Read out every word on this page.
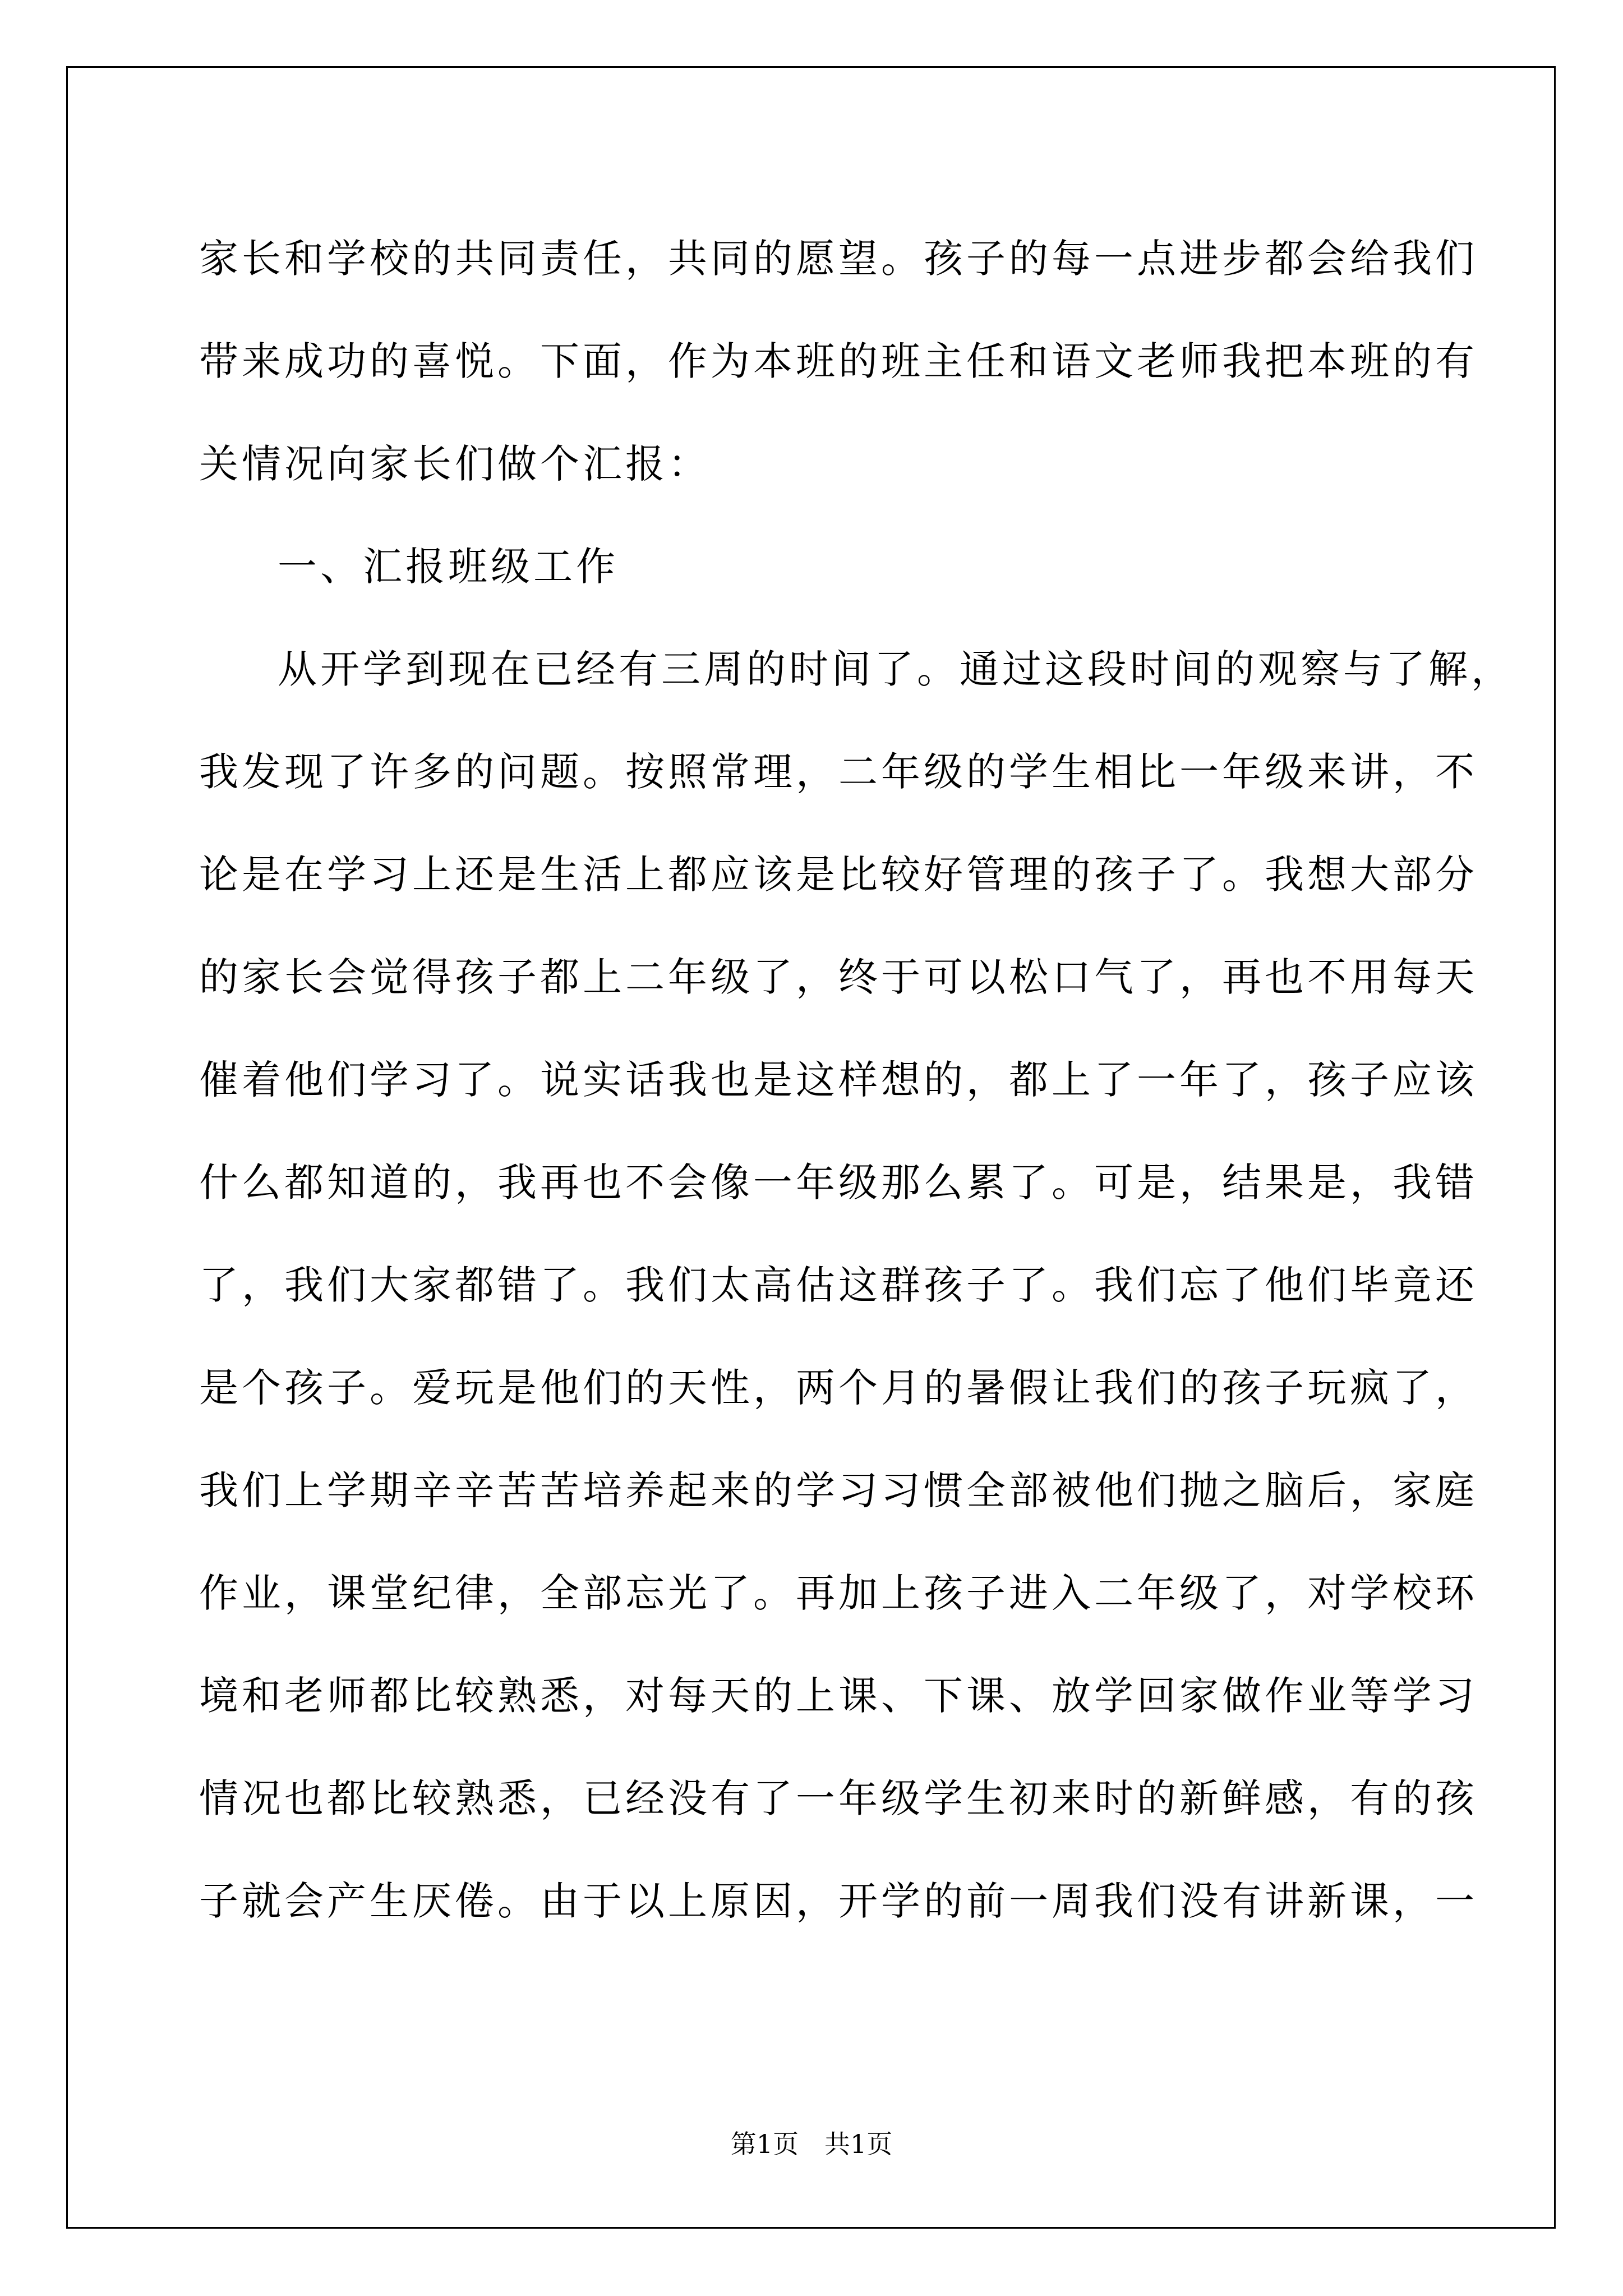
家长和学校的共同责任，共同的愿望。孩子的每一点进步都会给我们

带来成功的喜悦。下面，作为本班的班主任和语文老师我把本班的有

关情况向家长们做个汇报：

一、汇报班级工作

从开学到现在已经有三周的时间了。通过这段时间的观察与了解，

我发现了许多的问题。按照常理，二年级的学生相比一年级来讲，不

论是在学习上还是生活上都应该是比较好管理的孩子了。我想大部分

的家长会觉得孩子都上二年级了，终于可以松口气了，再也不用每天

催着他们学习了。说实话我也是这样想的，都上了一年了，孩子应该

什么都知道的，我再也不会像一年级那么累了。可是，结果是，我错

了，我们大家都错了。我们太高估这群孩子了。我们忘了他们毕竟还

是个孩子。爱玩是他们的天性，两个月的暑假让我们的孩子玩疯了，

我们上学期辛辛苦苦培养起来的学习习惯全部被他们抛之脑后，家庭

作业，课堂纪律，全部忘光了。再加上孩子进入二年级了，对学校环

境和老师都比较熟悉，对每天的上课、下课、放学回家做作业等学习

情况也都比较熟悉，已经没有了一年级学生初来时的新鲜感，有的孩

子就会产生厌倦。由于以上原因，开学的前一周我们没有讲新课，一

第1页 共1页
